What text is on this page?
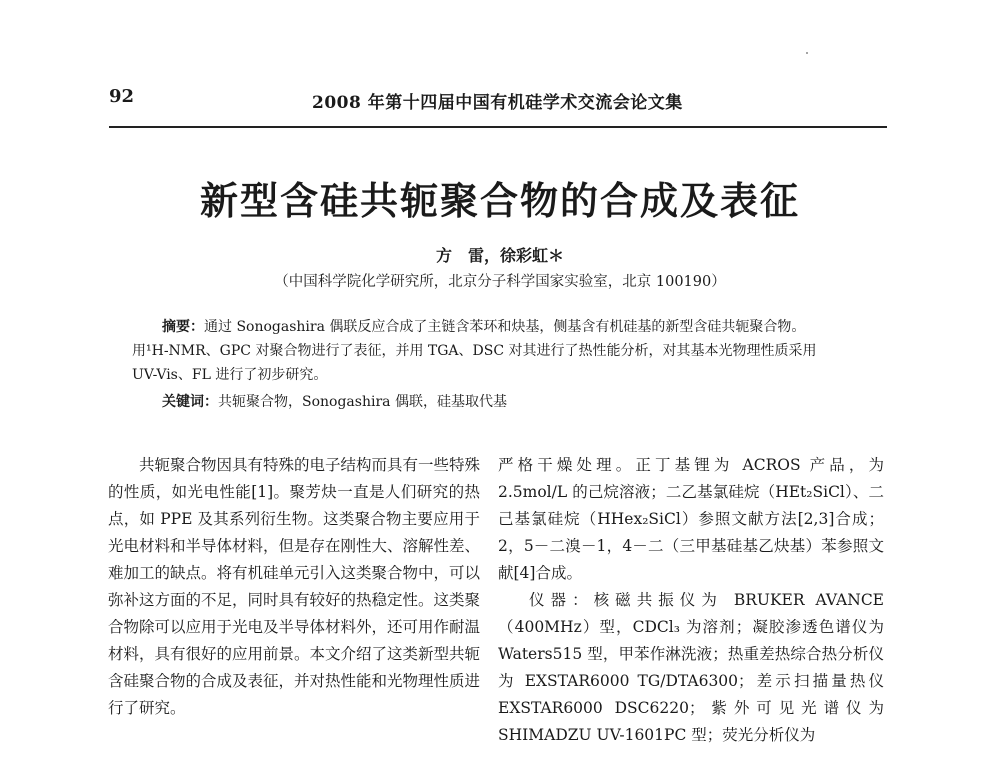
92	2008 年第十四届中国有机硅学术交流会论文集
新型含硅共轭聚合物的合成及表征
方　雷，徐彩虹＊
（中国科学院化学研究所，北京分子科学国家实验室，北京 100190）
摘要：通过 Sonogashira 偶联反应合成了主链含苯环和炔基，侧基含有机硅基的新型含硅共轭聚合物。
用¹H-NMR、GPC 对聚合物进行了表征，并用 TGA、DSC 对其进行了热性能分析，对其基本光物理性质采用
UV-Vis、FL 进行了初步研究。
关键词：共轭聚合物，Sonogashira 偶联，硅基取代基

共轭聚合物因具有特殊的电子结构而具有一些特殊的性质，如光电性能[1]。聚芳炔一直是人们研究的热点，如 PPE 及其系列衍生物。这类聚合物主要应用于光电材料和半导体材料，但是存在刚性大、溶解性差、难加工的缺点。将有机硅单元引入这类聚合物中，可以弥补这方面的不足，同时具有较好的热稳定性。这类聚合物除可以应用于光电及半导体材料外，还可用作耐温材料，具有很好的应用前景。本文介绍了这类新型共轭含硅聚合物的合成及表征，并对热性能和光物理性质进行了研究。

严格干燥处理。正丁基锂为 ACROS 产品，为 2.5mol/L 的己烷溶液；二乙基氯硅烷（HEt₂SiCl）、二己基氯硅烷（HHex₂SiCl）参照文献方法[2,3]合成；2，5－二溴－1，4－二（三甲基硅基乙炔基）苯参照文献[4]合成。

仪器：核磁共振仪为 BRUKER AVANCE（400MHz）型，CDCl₃ 为溶剂；凝胶渗透色谱仪为 Waters515 型，甲苯作淋洗液；热重差热综合热分析仪为 EXSTAR6000 TG/DTA6300；差示扫描量热仪 EXSTAR6000 DSC6220；紫外可见光谱仪为 SHIMADZU UV-1601PC 型；荧光分析仪为
